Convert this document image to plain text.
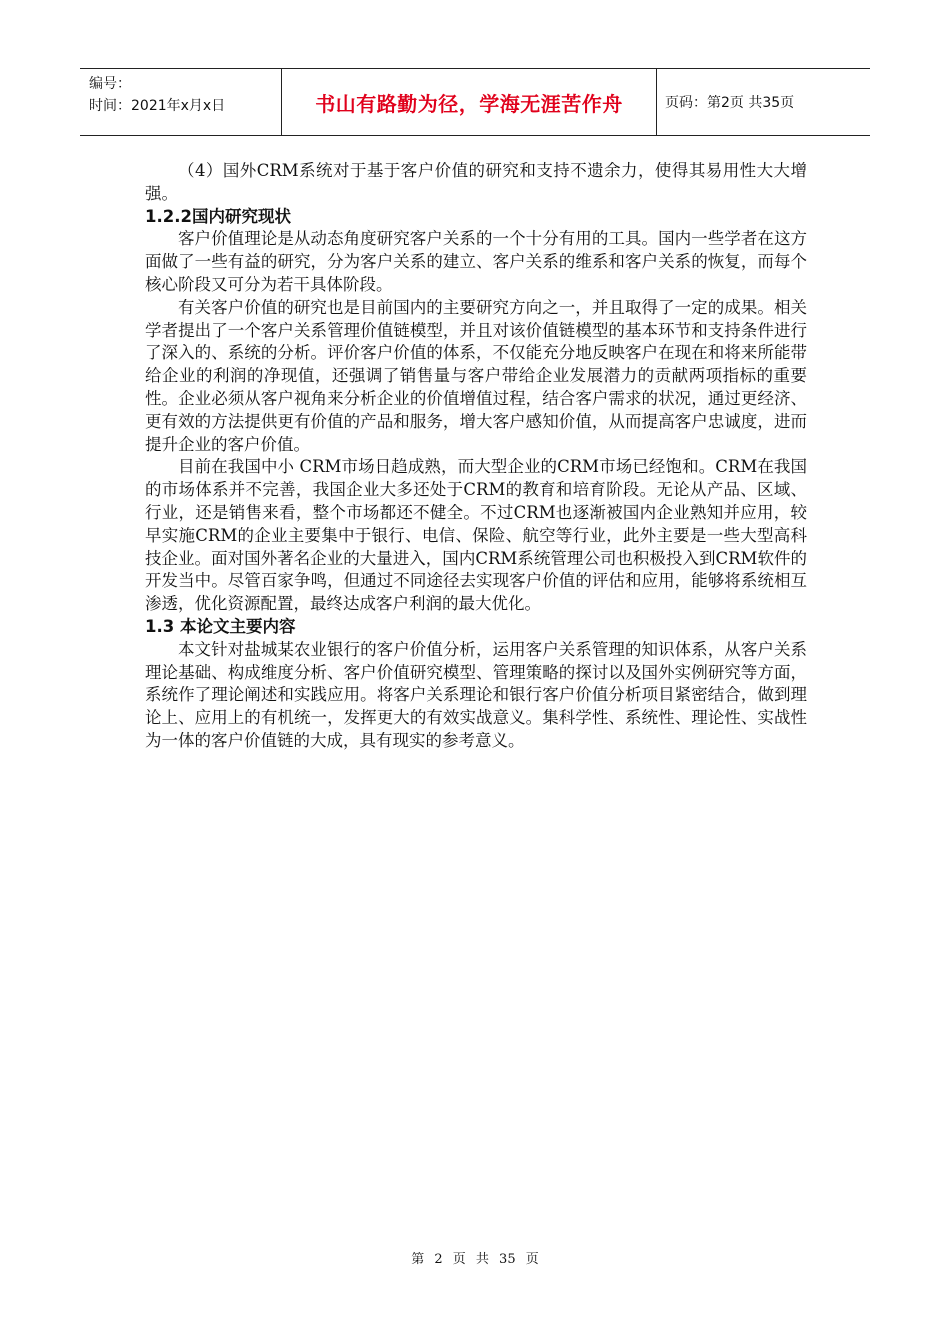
编号：
时间：2021年x月x日	书山有路勤为径，学海无涯苦作舟	页码：第2页 共35页

（4）国外CRM系统对于基于客户价值的研究和支持不遗余力，使得其易用性大大增强。

1.2.2国内研究现状

客户价值理论是从动态角度研究客户关系的一个十分有用的工具。国内一些学者在这方面做了一些有益的研究，分为客户关系的建立、客户关系的维系和客户关系的恢复，而每个核心阶段又可分为若干具体阶段。

有关客户价值的研究也是目前国内的主要研究方向之一，并且取得了一定的成果。相关学者提出了一个客户关系管理价值链模型，并且对该价值链模型的基本环节和支持条件进行了深入的、系统的分析。评价客户价值的体系，不仅能充分地反映客户在现在和将来所能带给企业的利润的净现值，还强调了销售量与客户带给企业发展潜力的贡献两项指标的重要性。企业必须从客户视角来分析企业的价值增值过程，结合客户需求的状况，通过更经济、更有效的方法提供更有价值的产品和服务，增大客户感知价值，从而提高客户忠诚度，进而提升企业的客户价值。

目前在我国中小 CRM市场日趋成熟，而大型企业的CRM市场已经饱和。CRM在我国的市场体系并不完善，我国企业大多还处于CRM的教育和培育阶段。无论从产品、区域、行业，还是销售来看，整个市场都还不健全。不过CRM也逐渐被国内企业熟知并应用，较早实施CRM的企业主要集中于银行、电信、保险、航空等行业，此外主要是一些大型高科技企业。面对国外著名企业的大量进入，国内CRM系统管理公司也积极投入到CRM软件的开发当中。尽管百家争鸣，但通过不同途径去实现客户价值的评估和应用，能够将系统相互渗透，优化资源配置，最终达成客户利润的最大优化。

1.3 本论文主要内容

本文针对盐城某农业银行的客户价值分析，运用客户关系管理的知识体系，从客户关系理论基础、构成维度分析、客户价值研究模型、管理策略的探讨以及国外实例研究等方面，系统作了理论阐述和实践应用。将客户关系理论和银行客户价值分析项目紧密结合，做到理论上、应用上的有机统一，发挥更大的有效实战意义。集科学性、系统性、理论性、实战性为一体的客户价值链的大成，具有现实的参考意义。

第 2 页 共 35 页
